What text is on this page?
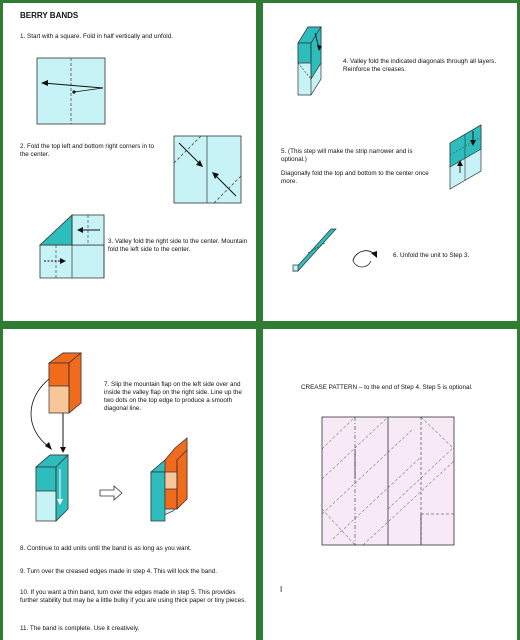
BERRY BANDS

1. Start with a square. Fold in half vertically and unfold.

2. Fold the top left and bottom right corners in to the center.

3. Valley fold the right side to the center. Mountain fold the left side to the center.

4. Valley fold the indicated diagonals through all layers. Reinforce the creases.

5. (This step will make the strip narrower and is optional.)

Diagonally fold the top and bottom to the center once more.

6. Unfold the unit to Step 3.

7. Slip the mountain flap on the left side over and inside the valley flap on the right side. Line up the two dots on the top edge to produce a smooth diagonal line.

8. Continue to add units until the band is as long as you want.

9. Turn over the creased edges made in step 4. This will lock the band.

10. If you want a thin band, turn over the edges made in step 5. This provides further stability but may be a little bulky if you are using thick paper or tiny pieces.

11. The band is complete. Use it creatively.

CREASE PATTERN – to the end of Step 4. Step 5 is optional.

I
